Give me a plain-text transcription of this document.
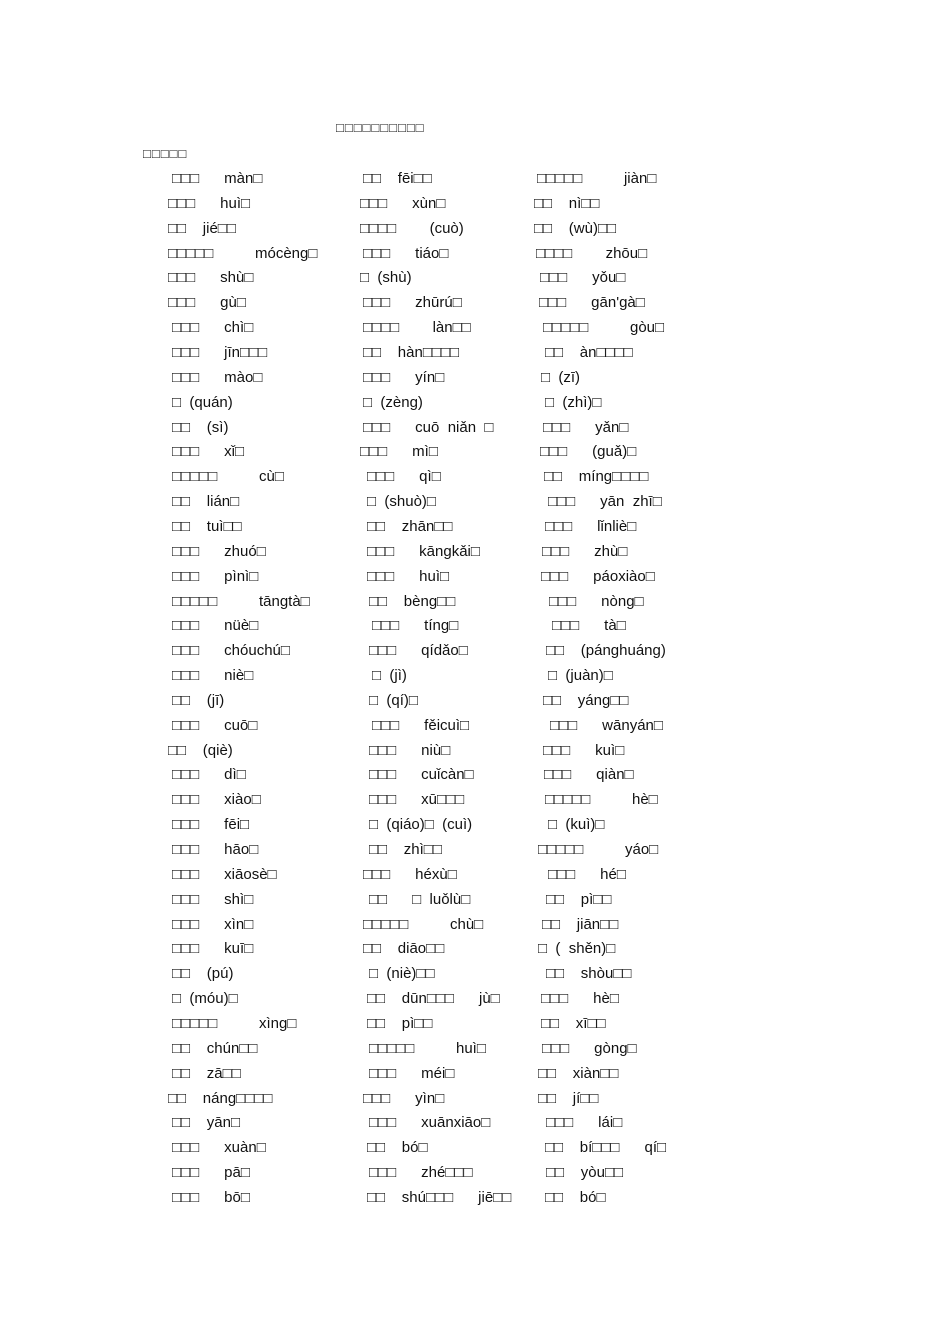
□□□□□□□□□□
□□□□□
□□□      màn□	□□    fēi□□	□□□□□          jiàn□
□□□      huì□	□□□      xùn□	□□    nì□□
□□    jié□□	□□□□        (cuò)	□□    (wù)□□
□□□□□          mócèng□	□□□      tiáo□	□□□□        zhōu□
□□□      shù□	□  (shù)	□□□      yǒu□
□□□      gù□	□□□      zhūrú□	□□□      gān'gà□
□□□      chì□	□□□□        làn□□	□□□□□          gòu□
□□□      jīn□□□	□□    hàn□□□□	□□    àn□□□□
□□□      mào□	□□□      yín□	□  (zī)
□  (quán)	□  (zèng)	□  (zhì)□
□□    (sì)	□□□      cuō  niǎn  □	□□□      yǎn□
□□□      xǐ□	□□□      mì□	□□□      (guǎ)□
□□□□□          cù□	□□□      qì□	□□    míng□□□□
□□    lián□	□  (shuò)□	□□□      yān  zhī□
□□    tuì□□	□□    zhān□□	□□□      lǐnliè□
□□□      zhuó□	□□□      kāngkǎi□	□□□      zhù□
□□□      pìnì□	□□□      huì□	□□□      páoxiào□
□□□□□          tāngtà□	□□    bèng□□	□□□      nòng□
□□□      nüè□	□□□      tíng□	□□□      tà□
□□□      chóuchú□	□□□      qídǎo□	□□    (pánghuáng)
□□□      niè□	□  (jì)	□  (juàn)□
□□    (jī)	□  (qí)□	□□    yáng□□
□□□      cuō□	□□□      fěicuì□	□□□      wānyán□
□□    (qiè)	□□□      niù□	□□□      kuì□
□□□      dì□	□□□      cuǐcàn□	□□□      qiàn□
□□□      xiào□	□□□      xū□□□	□□□□□          hè□
□□□      fēi□	□  (qiáo)□  (cuì)	□  (kuì)□
□□□      hāo□	□□    zhì□□	□□□□□          yáo□
□□□      xiāosè□	□□□      héxù□	□□□      hé□
□□□      shì□	□□      □  luǒlù□	□□    pì□□
□□□      xìn□	□□□□□          chù□	□□    jiān□□
□□□      kuī□	□□    diāo□□	□  (  shěn)□
□□    (pú)	□  (niè)□□	□□    shòu□□
□  (móu)□	□□    dūn□□□      jù□	□□□      hè□
□□□□□          xìng□	□□    pì□□	□□    xī□□
□□    chún□□	□□□□□          huì□	□□□      gòng□
□□    zā□□	□□□      méi□	□□    xiàn□□
□□    náng□□□□	□□□      yìn□	□□    jí□□
□□    yān□	□□□      xuānxiāo□	□□□      lái□
□□□      xuàn□	□□    bó□	□□    bí□□□      qí□
□□□      pā□	□□□      zhé□□□	□□    yòu□□
□□□      bō□	□□    shú□□□      jiē□□ □□    bó□
